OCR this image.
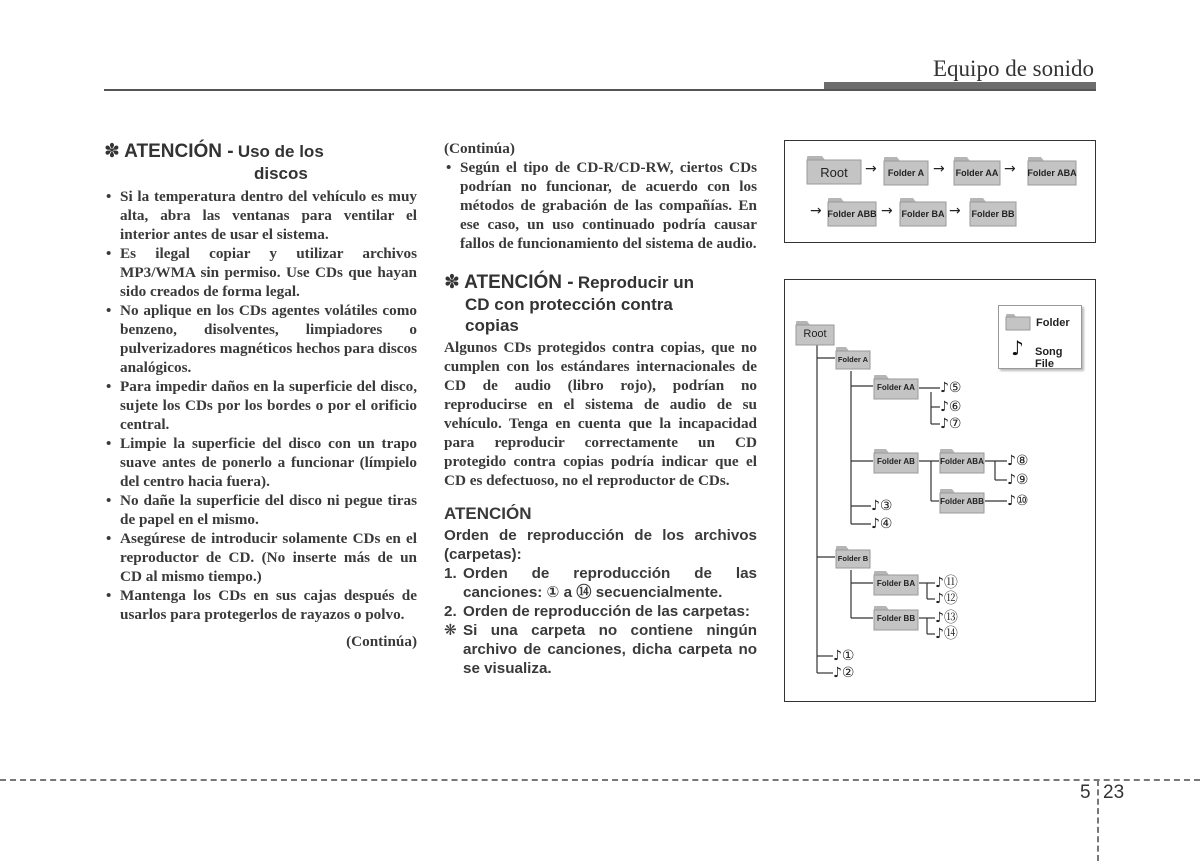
Equipo de sonido
✽ ATENCIÓN - Uso de los
discos
• Si la temperatura dentro del vehículo es muy alta, abra las ventanas para ventilar el interior antes de usar el sistema.
• Es ilegal copiar y utilizar archivos MP3/WMA sin permiso. Use CDs que hayan sido creados de forma legal.
• No aplique en los CDs agentes volátiles como benzeno, disolventes, limpiadores o pulverizadores magnéticos hechos para discos analógicos.
• Para impedir daños en la superficie del disco, sujete los CDs por los bordes o por el orificio central.
• Limpie la superficie del disco con un trapo suave antes de ponerlo a funcionar (límpielo del centro hacia fuera).
• No dañe la superficie del disco ni pegue tiras de papel en el mismo.
• Asegúrese de introducir solamente CDs en el reproductor de CD. (No inserte más de un CD al mismo tiempo.)
• Mantenga los CDs en sus cajas después de usarlos para protegerlos de rayazos o polvo.
(Continúa)
(Continúa)
• Según el tipo de CD-R/CD-RW, ciertos CDs podrían no funcionar, de acuerdo con los métodos de grabación de las compañías. En ese caso, un uso continuado podría causar fallos de funcionamiento del sistema de audio.
✽ ATENCIÓN - Reproducir un
CD con protección contra
copias

Algunos CDs protegidos contra copias, que no cumplen con los estándares internacionales de CD de audio (libro rojo), podrían no reproducirse en el sistema de audio de su vehículo. Tenga en cuenta que la incapacidad para reproducir correctamente un CD protegido contra copias podría indicar que el CD es defectuoso, no el reproductor de CDs.

ATENCIÓN
Orden de reproducción de los archivos (carpetas):
1. Orden de reproducción de las canciones: ① a ⑭ secuencialmente.
2. Orden de reproducción de las carpetas:
❋ Si una carpeta no contiene ningún archivo de canciones, dicha carpeta no se visualiza.
Root	→	Folder A → Folder AA → Folder ABA
→ Folder ABB → Folder BA → Folder BB
Root
Folder A
Folder AA
Folder AB	Folder ABA
Folder ABB
Folder B
Folder BA
Folder BB
♪⑤
♪⑥
♪⑦
♪⑧
♪⑨
♪⑩
♪③
♪④
♪⑪
♪⑫
♪⑬
♪⑭
♪①
♪②
Folder
♪ Song File
5 23
